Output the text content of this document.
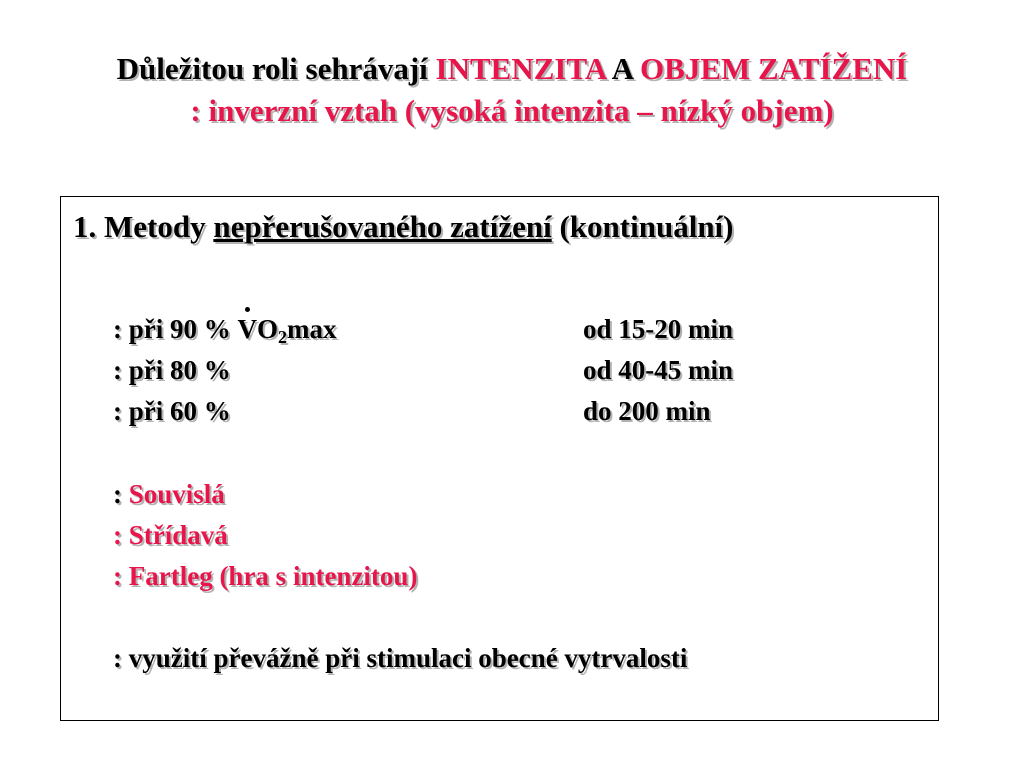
Důležitou roli sehrávají INTENZITA A OBJEM ZATÍŽENÍ
: inverzní vztah (vysoká intenzita – nízký objem)
1. Metody nepřerušovaného zatížení (kontinuální)
: při 90 % $VO_2\max$	od 15-20 min
: při 80 %	od 40-45 min
: při 60 %	do 200 min
: Souvislá
: Střídavá
: Fartleg (hra s intenzitou)
: využití převážně při stimulaci obecné vytrvalosti
